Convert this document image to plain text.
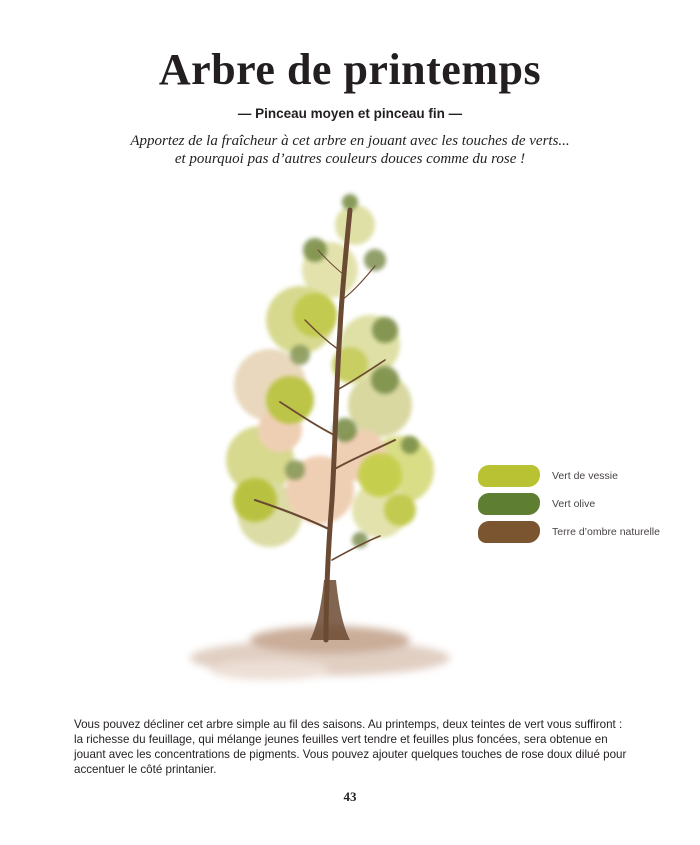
Arbre de printemps
— Pinceau moyen et pinceau fin —
Apportez de la fraîcheur à cet arbre en jouant avec les touches de verts...
et pourquoi pas d’autres couleurs douces comme du rose !
Vert de vessie
Vert olive
Terre d’ombre naturelle
Vous pouvez décliner cet arbre simple au fil des saisons. Au printemps, deux teintes de vert vous suffiront : la richesse du feuillage, qui mélange jeunes feuilles vert tendre et feuilles plus foncées, sera obtenue en jouant avec les concentrations de pigments. Vous pouvez ajouter quelques touches de rose doux dilué pour accentuer le côté printanier.
43
